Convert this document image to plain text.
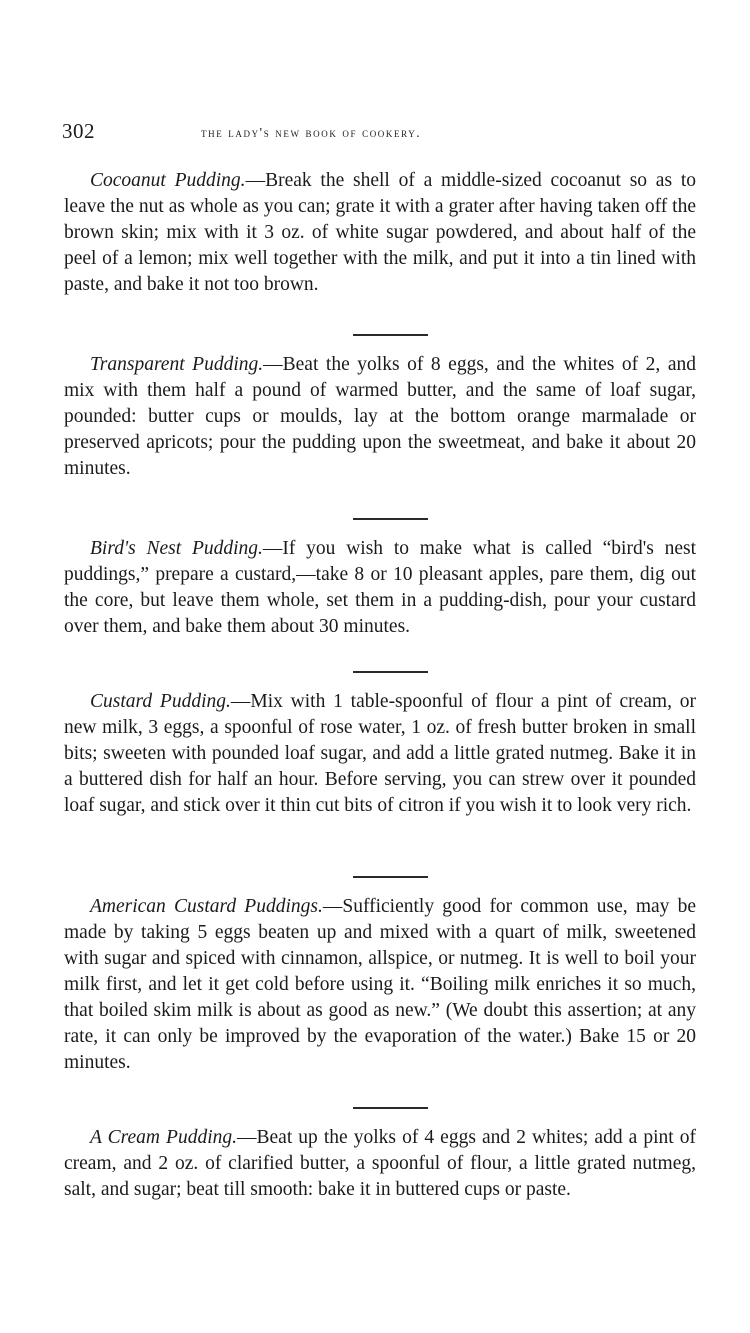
302	the lady's new book of cookery.

Cocoanut Pudding.—Break the shell of a middle-sized cocoanut so as to leave the nut as whole as you can; grate it with a grater after having taken off the brown skin; mix with it 3 oz. of white sugar powdered, and about half of the peel of a lemon; mix well together with the milk, and put it into a tin lined with paste, and bake it not too brown.

Transparent Pudding.—Beat the yolks of 8 eggs, and the whites of 2, and mix with them half a pound of warmed butter, and the same of loaf sugar, pounded: butter cups or moulds, lay at the bottom orange marmalade or preserved apricots; pour the pudding upon the sweetmeat, and bake it about 20 minutes.

Bird's Nest Pudding.—If you wish to make what is called “bird's nest puddings,” prepare a custard,—take 8 or 10 pleasant apples, pare them, dig out the core, but leave them whole, set them in a pudding-dish, pour your custard over them, and bake them about 30 minutes.

Custard Pudding.—Mix with 1 table-spoonful of flour a pint of cream, or new milk, 3 eggs, a spoonful of rose water, 1 oz. of fresh butter broken in small bits; sweeten with pounded loaf sugar, and add a little grated nutmeg. Bake it in a buttered dish for half an hour. Before serving, you can strew over it pounded loaf sugar, and stick over it thin cut bits of citron if you wish it to look very rich.

American Custard Puddings.—Sufficiently good for common use, may be made by taking 5 eggs beaten up and mixed with a quart of milk, sweetened with sugar and spiced with cinnamon, allspice, or nutmeg. It is well to boil your milk first, and let it get cold before using it. “Boiling milk enriches it so much, that boiled skim milk is about as good as new.” (We doubt this assertion; at any rate, it can only be improved by the evaporation of the water.) Bake 15 or 20 minutes.

A Cream Pudding.—Beat up the yolks of 4 eggs and 2 whites; add a pint of cream, and 2 oz. of clarified butter, a spoonful of flour, a little grated nutmeg, salt, and sugar; beat till smooth: bake it in buttered cups or paste.
